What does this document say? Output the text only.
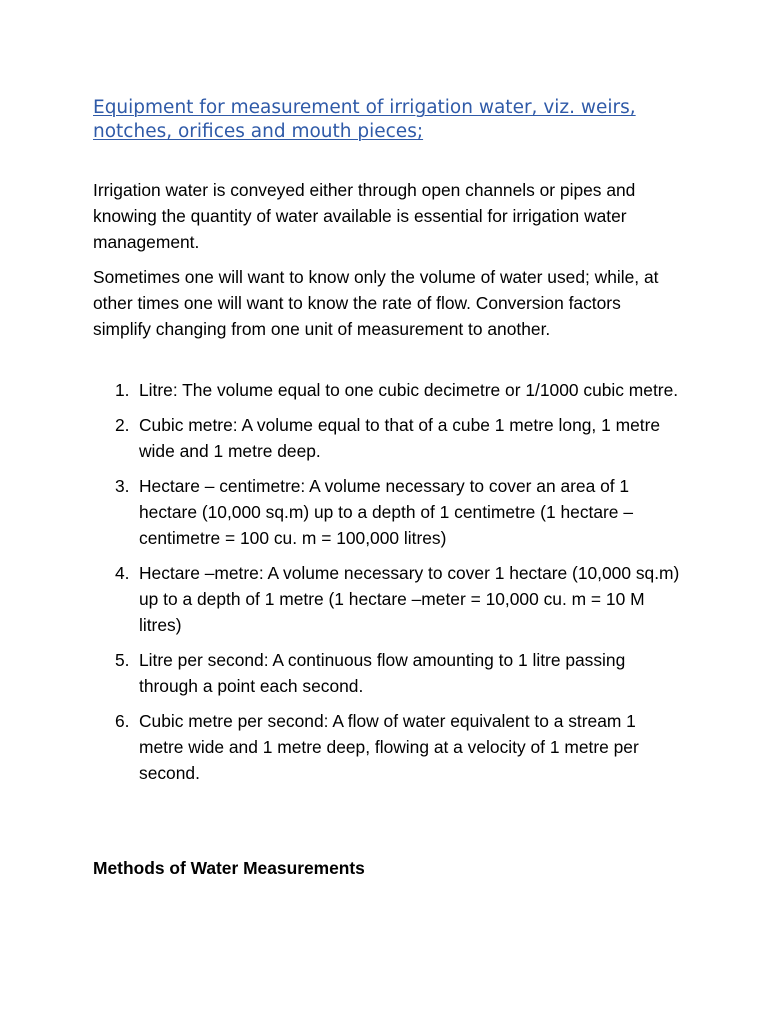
Equipment for measurement of irrigation water, viz. weirs, notches, orifices and mouth pieces;

Irrigation water is conveyed either through open channels or pipes and knowing the quantity of water available is essential for irrigation water management.

Sometimes one will want to know only the volume of water used; while, at other times one will want to know the rate of flow. Conversion factors simplify changing from one unit of measurement to another.

1. Litre: The volume equal to one cubic decimetre or 1/1000 cubic metre.
2. Cubic metre: A volume equal to that of a cube 1 metre long, 1 metre wide and 1 metre deep.
3. Hectare – centimetre: A volume necessary to cover an area of 1 hectare (10,000 sq.m) up to a depth of 1 centimetre (1 hectare – centimetre = 100 cu. m = 100,000 litres)
4. Hectare –metre: A volume necessary to cover 1 hectare (10,000 sq.m) up to a depth of 1 metre (1 hectare –meter = 10,000 cu. m = 10 M litres)
5. Litre per second: A continuous flow amounting to 1 litre passing through a point each second.
6. Cubic metre per second: A flow of water equivalent to a stream 1 metre wide and 1 metre deep, flowing at a velocity of 1 metre per second.
Methods of Water Measurements
